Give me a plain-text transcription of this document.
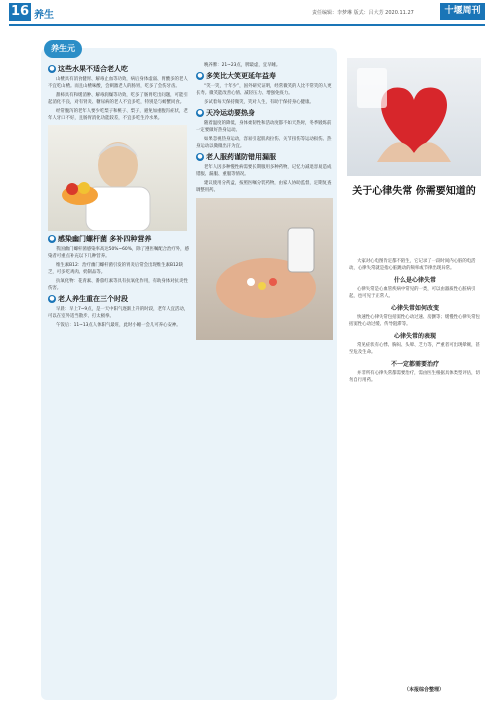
16 养生	责任编辑：李梦琳 版式：吕大芳 2020.11.27	十堰周刊
养生元
● 这些水果不适合老人吃

山楂具有消食健胃、解毒止血等功效，病后身体虚弱、胃酸多的老人不宜吃山楂。而且山楂味酸，会刺激老人的肠胃，吃多了会伤牙齿。

甜柿具有和缓消肿、解毒润燥等功效，吃多了肠胃吃出问题，可能引起消化不良，对有肾炎、糖尿病的老人不宜多吃，特别是与螃蟹同食。

经常腹泻的老年人要少吃梨子和桃子、梨子，避免加重腹泻症状，老年人牙口不好，且肠胃消化功能较差，不宜多吃生冷水果。

● 感染幽门螺杆菌 多补四种营养

我国幽门螺杆菌感染率高达50%~60%，除了遵医嘱配合治疗外，感染者可重点补充以下几种营养。

维生素B12：治疗幽门螺杆菌引发的胃炎后常会出现维生素B12缺乏，可多吃鸡肉、奶制品等。

抗氧化物：花青素、番茄红素等具有抗氧化作用，有助身体对抗炎性伤害。

● 老人养生重在三个时段

早晨：早上7~9点，是一天中阳气逐渐上升的时段，老年人宜活动，可以在室外适当散步、打太极拳。

午饭后：11~13点人体阳气最旺，此时小睡一会儿可养心安神。

晚养脾：21~23点，脾最虚，宜早睡。

● 多笑比大笑更延年益寿

“笑一笑，十年少”，国外研究证明，经常微笑的人比不常笑的人更长寿。微笑能改善心情、减轻压力、增强免疫力。

多试着每天保持微笑，笑对人生，有助于保持身心健康。

● 天冷运动要热身

随着温度的降低，身体柔韧性和活动度都不如天热时，冬季锻炼前一定要做好热身运动。

如果忽视热身运动，容易引起肌肉拉伤、关节扭伤等运动损伤。热身运动以微微出汗为宜。

● 老人服药谨防错用漏服

老年人因多种慢性病需要长期服用多种药物，记忆力减退容易造成错服、漏服、重服等情况。

建议使用分药盒，按照医嘱分装药物，由家人协助监督，定期复查调整用药。	关于心律失常 你需要知道的

大家对心电图肯定都不陌生，它记录了一段时间内心脏的电活动，心律失常就是指心脏跳动的频率或节律出现异常。

什么是心律失常

心律失常是心血管疾病中常见的一类，可以由器质性心脏病引起，也可见于正常人。

心律失常如何改变

快速性心律失常包括窦性心动过速、房颤等；缓慢性心律失常包括窦性心动过缓、传导阻滞等。

心律失常的表现

常见症状有心悸、胸闷、头晕、乏力等，严重者可出现晕厥，甚至危及生命。

不一定都需要治疗

并非所有心律失常都需要治疗，需由医生根据具体类型评估，切勿自行用药。

（本报综合整理）
